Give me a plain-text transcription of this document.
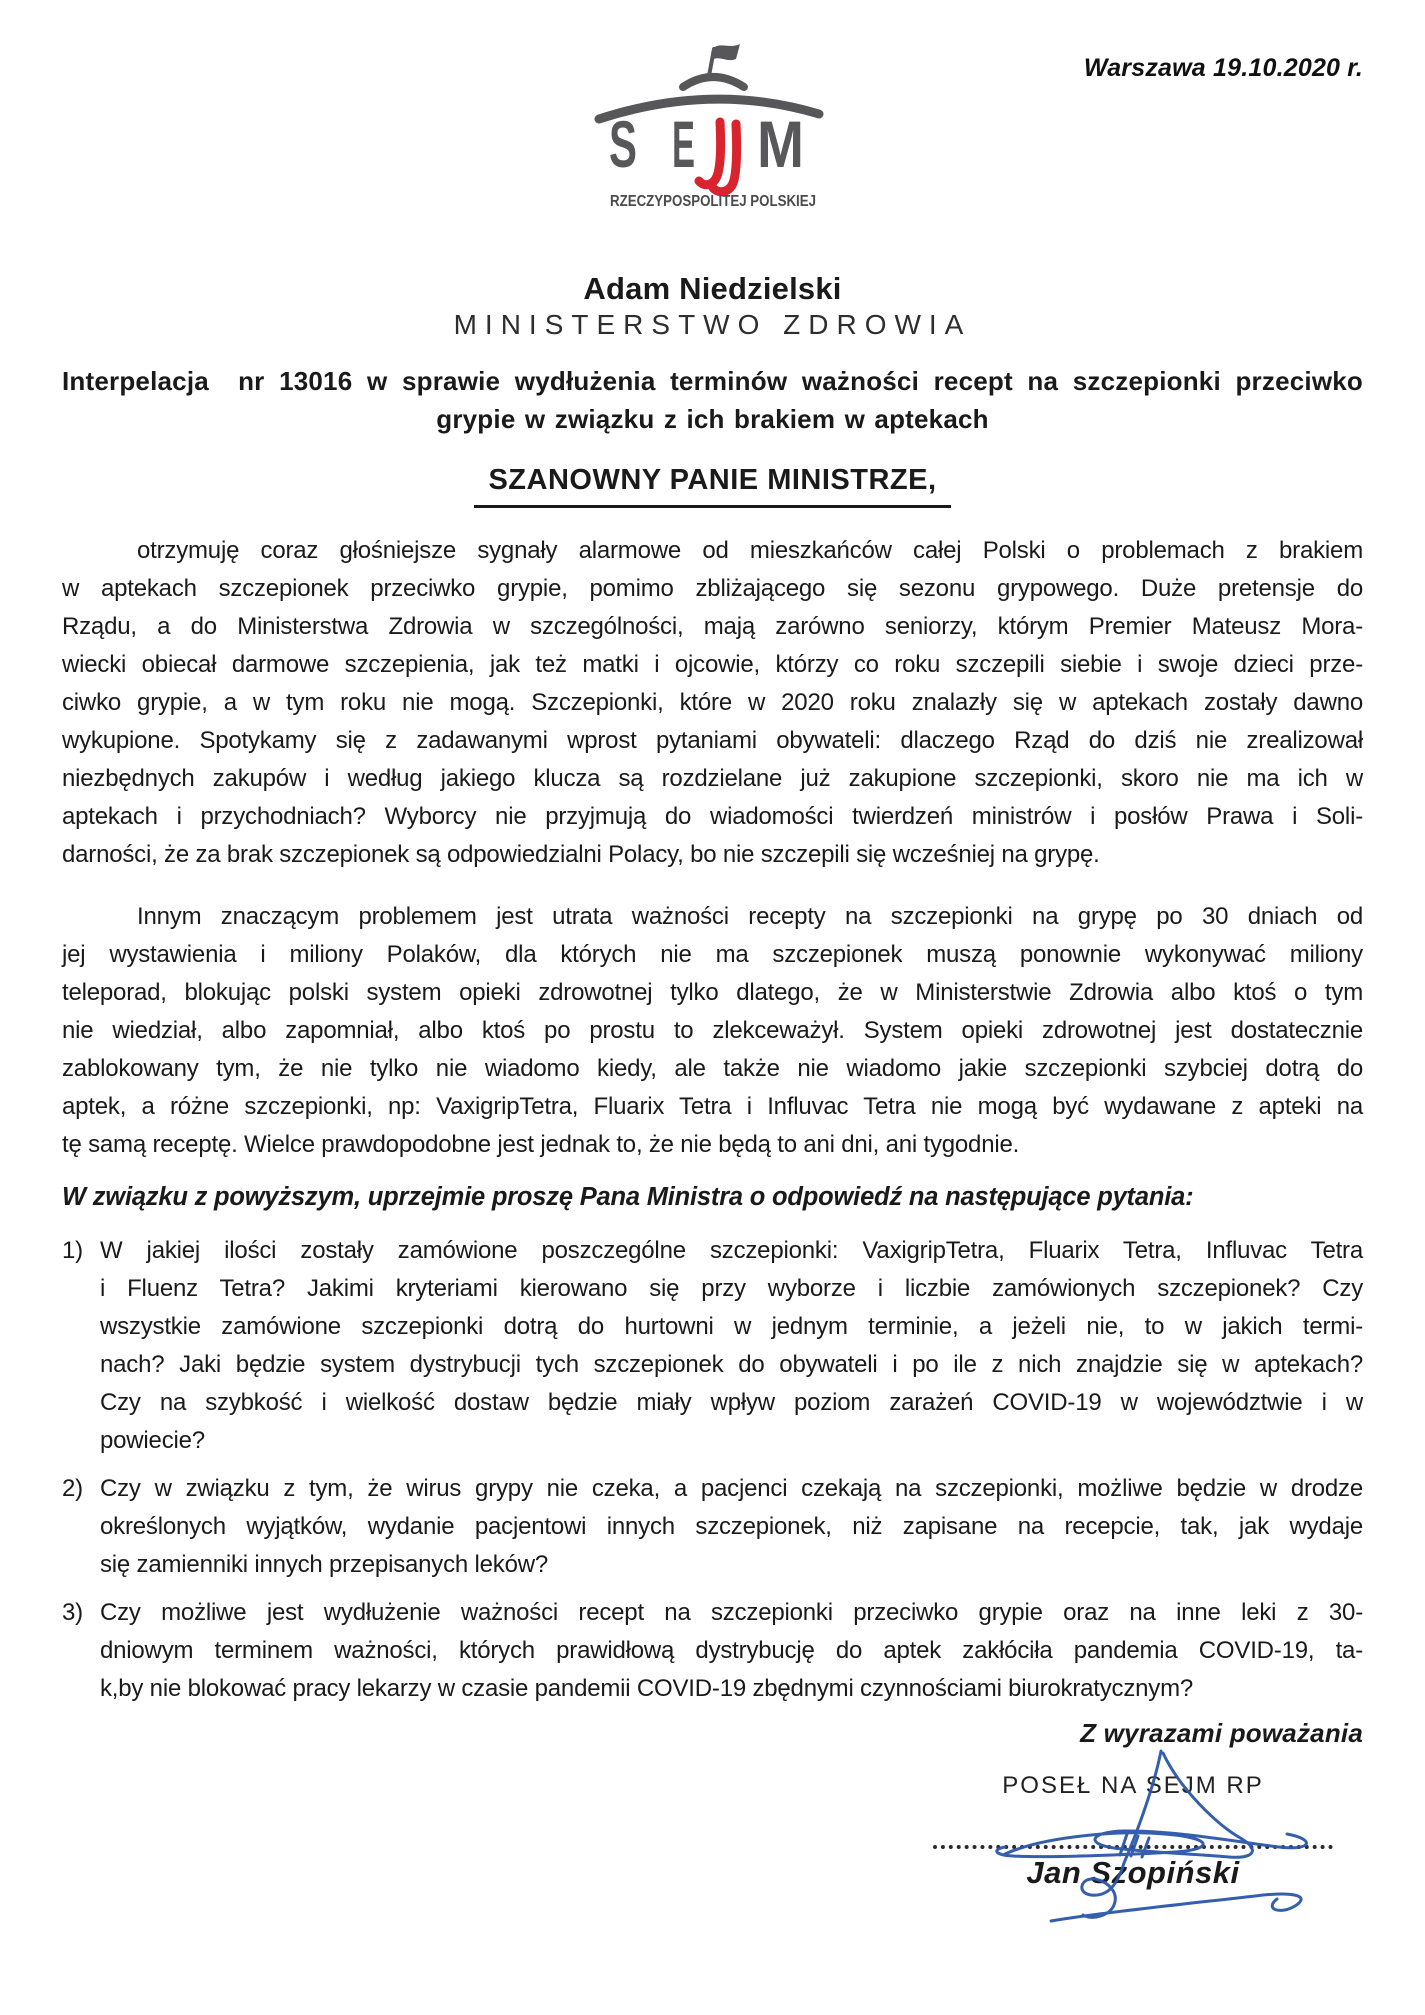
S E M
RZECZYPOSPOLITEJ POLSKIEJ
Warszawa 19.10.2020 r.
Adam Niedzielski
MINISTERSTWO ZDROWIA
Interpelacja  nr 13016 w sprawie wydłużenia terminów ważności recept na szczepionki przeciwko
grypie w związku z ich brakiem w aptekach
SZANOWNY PANIE MINISTRZE,
otrzymuję coraz głośniejsze sygnały alarmowe od mieszkańców całej Polski o problemach z brakiem
w aptekach szczepionek przeciwko grypie, pomimo zbliżającego się sezonu grypowego. Duże pretensje do
Rządu, a do Ministerstwa Zdrowia w szczególności, mają zarówno seniorzy, którym Premier Mateusz Mora-
wiecki obiecał darmowe szczepienia, jak też matki i ojcowie, którzy co roku szczepili siebie i swoje dzieci prze-
ciwko grypie, a w tym roku nie mogą. Szczepionki, które w 2020 roku znalazły się w aptekach zostały dawno
wykupione. Spotykamy się z zadawanymi wprost pytaniami obywateli: dlaczego Rząd do dziś nie zrealizował
niezbędnych zakupów i według jakiego klucza są rozdzielane już zakupione szczepionki, skoro nie ma ich w
aptekach i przychodniach? Wyborcy nie przyjmują do wiadomości twierdzeń ministrów i posłów Prawa i Soli-
darności, że za brak szczepionek są odpowiedzialni Polacy, bo nie szczepili się wcześniej na grypę.
Innym znaczącym problemem jest utrata ważności recepty na szczepionki na grypę po 30 dniach od
jej wystawienia i miliony Polaków, dla których nie ma szczepionek muszą ponownie wykonywać miliony
teleporad, blokując polski system opieki zdrowotnej tylko dlatego, że w Ministerstwie Zdrowia albo ktoś o tym
nie wiedział, albo zapomniał, albo ktoś po prostu to zlekceważył. System opieki zdrowotnej jest dostatecznie
zablokowany tym, że nie tylko nie wiadomo kiedy, ale także nie wiadomo jakie szczepionki szybciej dotrą do
aptek, a różne szczepionki, np: VaxigripTetra, Fluarix Tetra i Influvac Tetra nie mogą być wydawane z apteki na
tę samą receptę. Wielce prawdopodobne jest jednak to, że nie będą to ani dni, ani tygodnie.
W związku z powyższym, uprzejmie proszę Pana Ministra o odpowiedź na następujące pytania:
1) W jakiej ilości zostały zamówione poszczególne szczepionki: VaxigripTetra, Fluarix Tetra, Influvac Tetra
i Fluenz Tetra? Jakimi kryteriami kierowano się przy wyborze i liczbie zamówionych szczepionek? Czy
wszystkie zamówione szczepionki dotrą do hurtowni w jednym terminie, a jeżeli nie, to w jakich termi-
nach? Jaki będzie system dystrybucji tych szczepionek do obywateli i po ile z nich znajdzie się w aptekach?
Czy na szybkość i wielkość dostaw będzie miały wpływ poziom zarażeń COVID-19 w województwie i w
powiecie?
2) Czy w związku z tym, że wirus grypy nie czeka, a pacjenci czekają na szczepionki, możliwe będzie w drodze
określonych wyjątków, wydanie pacjentowi innych szczepionek, niż zapisane na recepcie, tak, jak wydaje
się zamienniki innych przepisanych leków?
3) Czy możliwe jest wydłużenie ważności recept na szczepionki przeciwko grypie oraz na inne leki z 30-
dniowym terminem ważności, których prawidłową dystrybucję do aptek zakłóciła pandemia COVID-19, ta-
k,by nie blokować pracy lekarzy w czasie pandemii COVID-19 zbędnymi czynnościami biurokratycznym?
Z wyrazami poważania
POSEŁ NA SEJM RP
Jan Szopiński
